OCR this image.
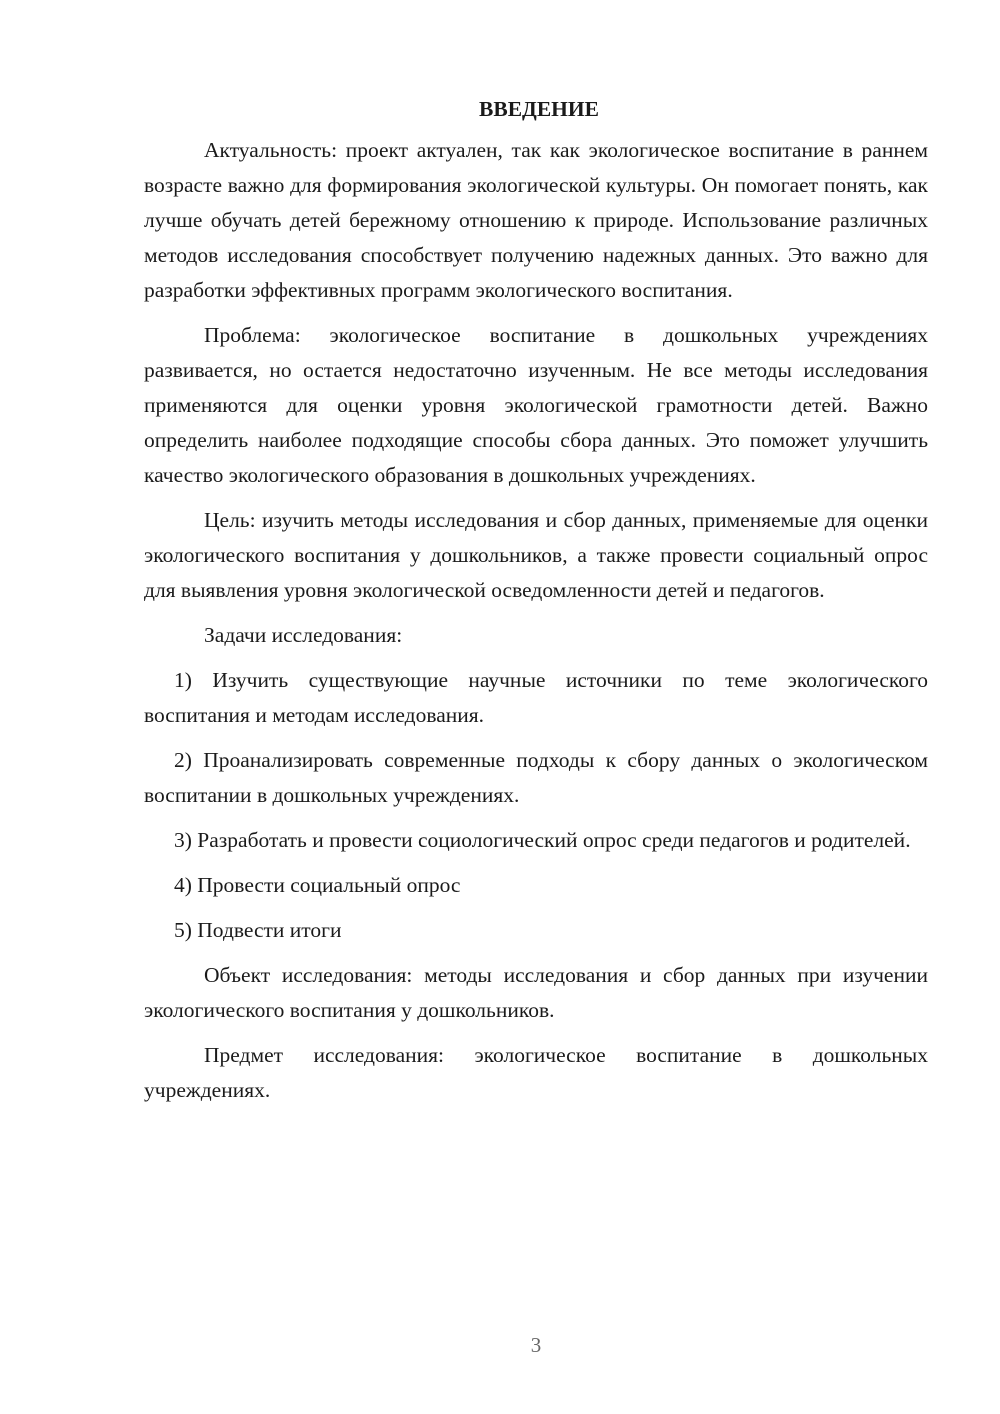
ВВЕДЕНИЕ

Актуальность: проект актуален, так как экологическое воспитание в раннем возрасте важно для формирования экологической культуры. Он помогает понять, как лучше обучать детей бережному отношению к природе. Использование различных методов исследования способствует получению надежных данных. Это важно для разработки эффективных программ экологического воспитания.

Проблема: экологическое воспитание в дошкольных учреждениях развивается, но остается недостаточно изученным. Не все методы исследования применяются для оценки уровня экологической грамотности детей. Важно определить наиболее подходящие способы сбора данных. Это поможет улучшить качество экологического образования в дошкольных учреждениях.

Цель: изучить методы исследования и сбор данных, применяемые для оценки экологического воспитания у дошкольников, а также провести социальный опрос для выявления уровня экологической осведомленности детей и педагогов.

Задачи исследования:

1) Изучить существующие научные источники по теме экологического воспитания и методам исследования.

2) Проанализировать современные подходы к сбору данных о экологическом воспитании в дошкольных учреждениях.

3) Разработать и провести социологический опрос среди педагогов и родителей.

4) Провести социальный опрос

5) Подвести итоги

Объект исследования: методы исследования и сбор данных при изучении экологического воспитания у дошкольников.

Предмет исследования: экологическое воспитание в дошкольных учреждениях.

3
